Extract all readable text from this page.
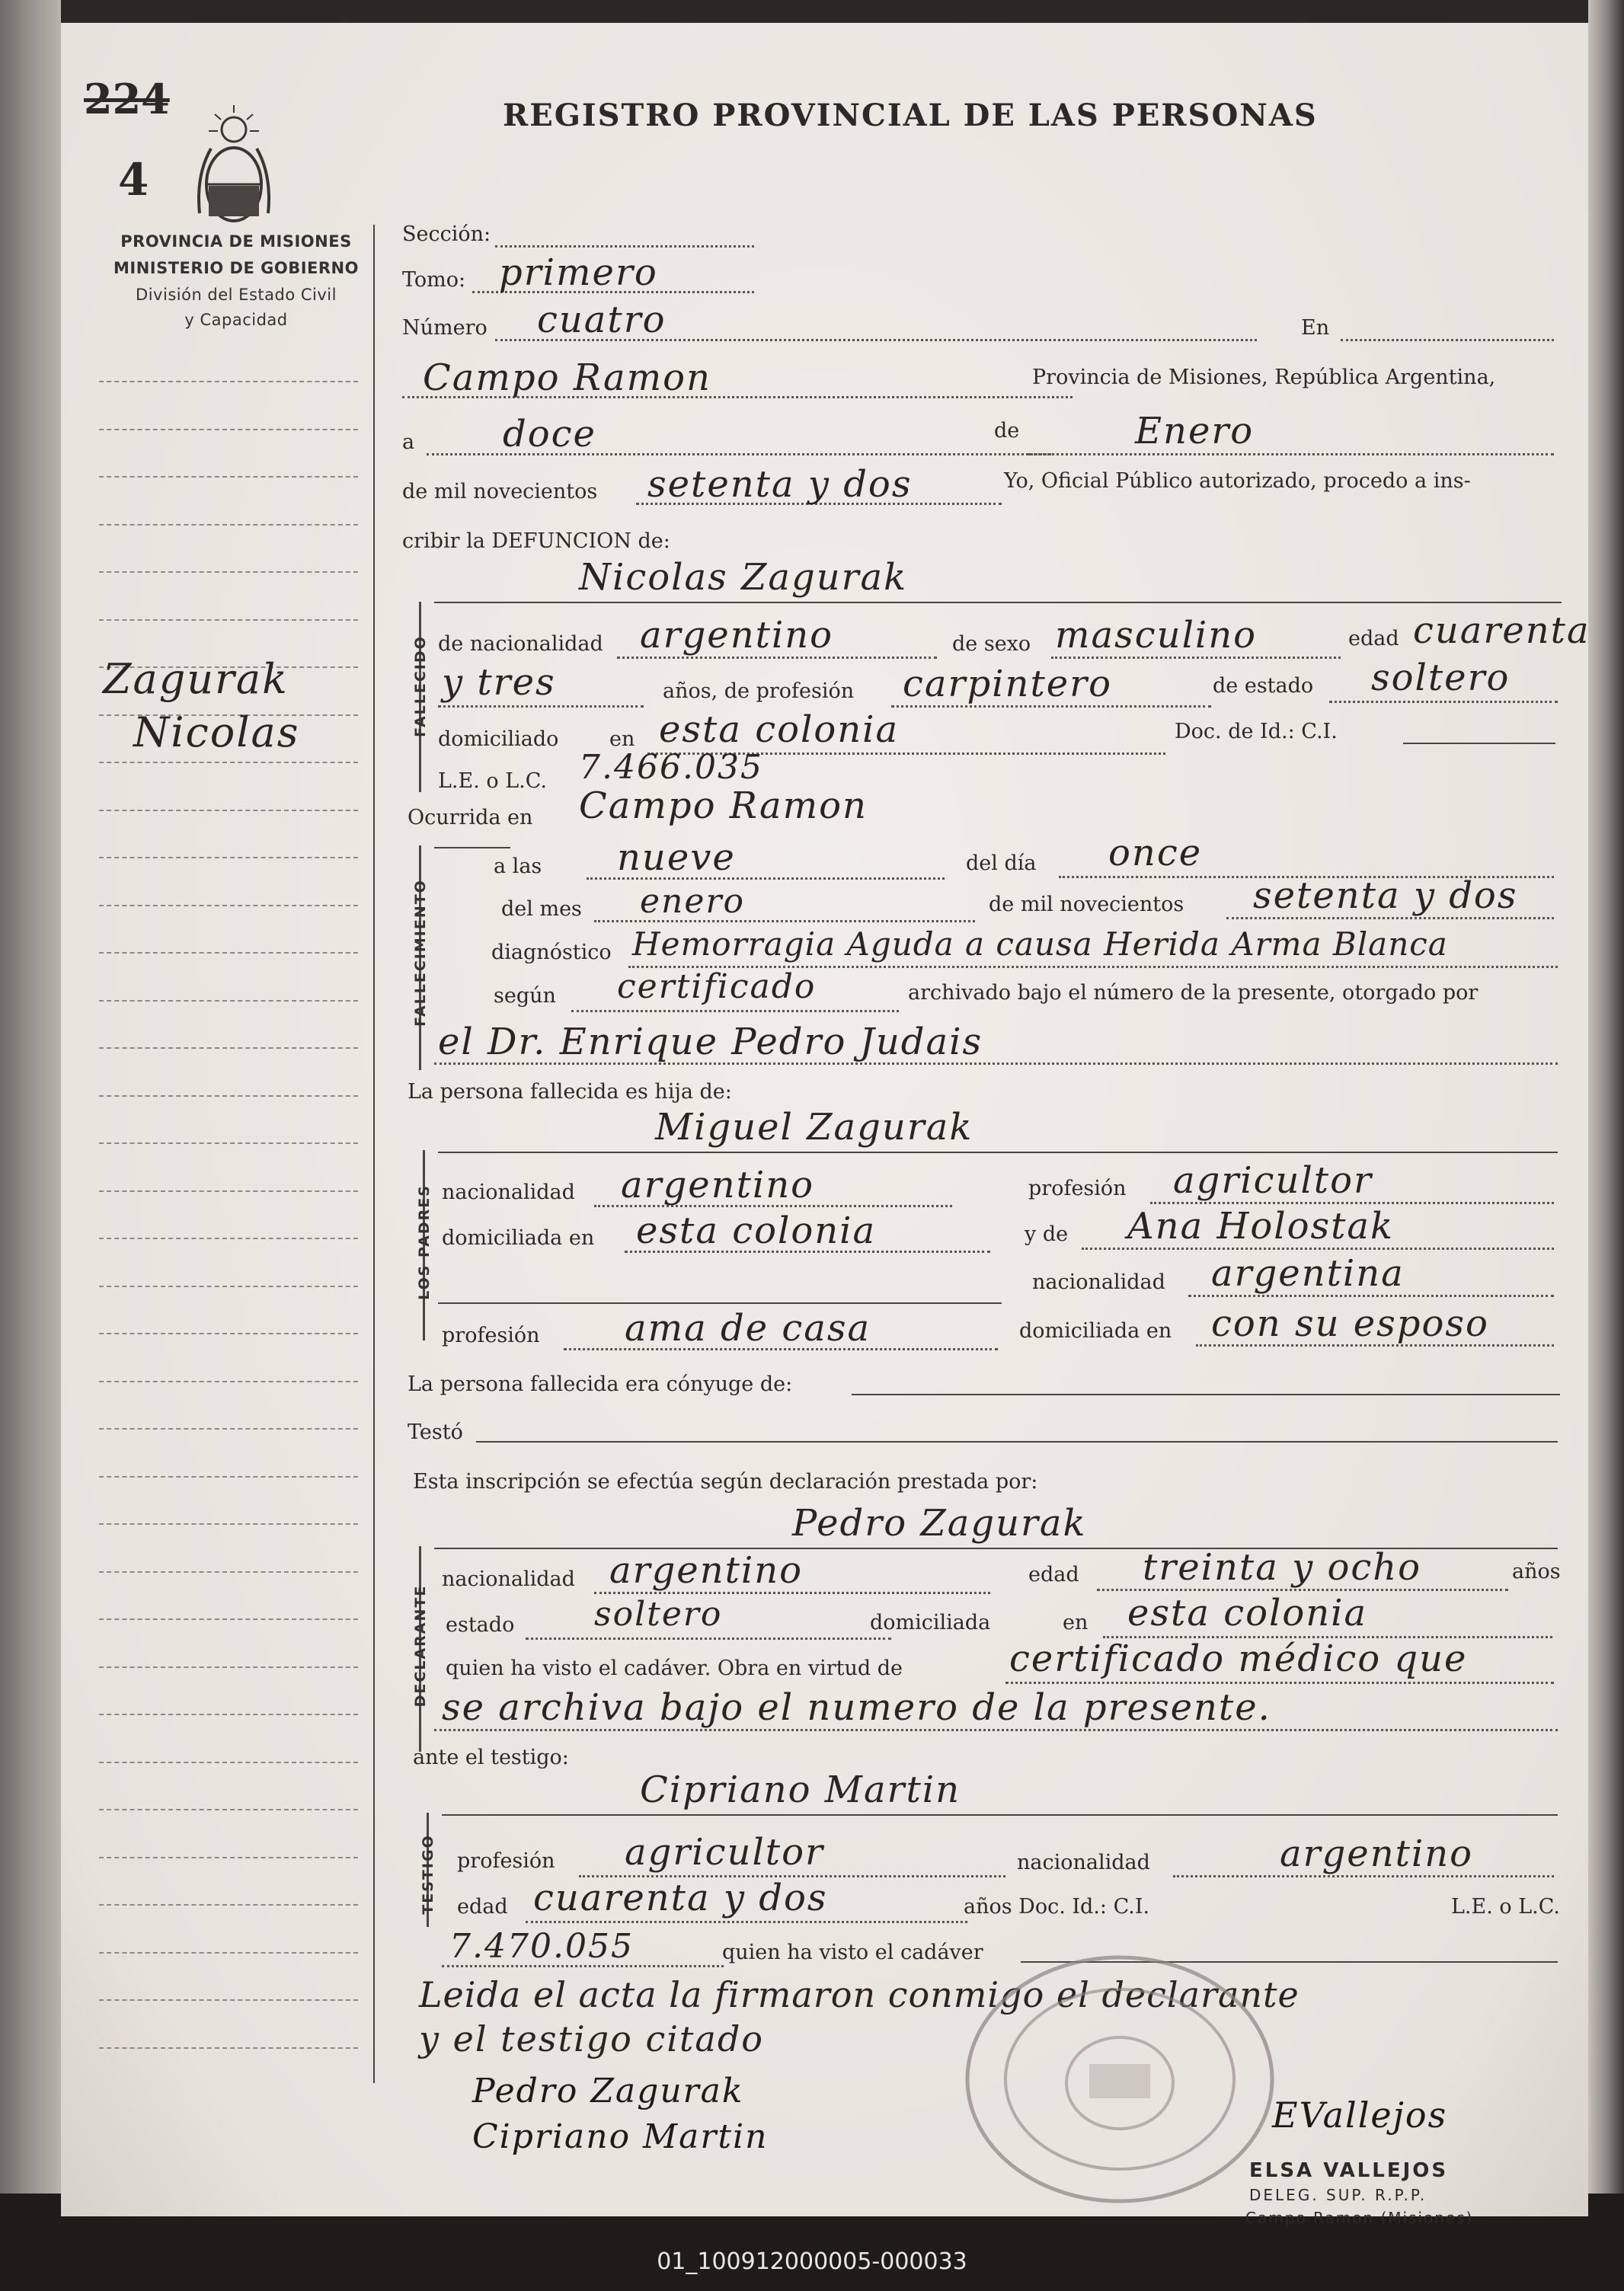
224
4
PROVINCIA DE MISIONES
MINISTERIO DE GOBIERNO
División del Estado Civil
y Capacidad
REGISTRO PROVINCIAL DE LAS PERSONAS
Zagurak
Nicolas
Sección:
Tomo: primero
Número cuatro	En
Campo Ramon	Provincia de Misiones, República Argentina,
a doce	de	Enero
de mil novecientos setenta y dos	Yo, Oficial Público autorizado, procedo a ins-
cribir la DEFUNCION de:
FALLECIDO
Nicolas Zagurak
de nacionalidad argentino	de sexo masculino	edad cuarenta
y tres	años, de profesión carpintero	de estado soltero
domiciliado en esta colonia	Doc. de Id.: C.I.
L.E. o L.C. 7.466.035
Ocurrida en Campo Ramon
FALLECIMIENTO
a las nueve	del día once
del mes enero	de mil novecientos setenta y dos
diagnóstico Hemorragia Aguda a causa Herida Arma Blanca
según certificado	archivado bajo el número de la presente, otorgado por
el Dr. Enrique Pedro Judais
La persona fallecida es hija de:
LOS PADRES
Miguel Zagurak
nacionalidad argentino	profesión agricultor
domiciliada en esta colonia	y de Ana Holostak
nacionalidad argentina
profesión ama de casa	domiciliada en con su esposo
La persona fallecida era cónyuge de:
Testó
Esta inscripción se efectúa según declaración prestada por:
DECLARANTE
Pedro Zagurak
nacionalidad argentino	edad treinta y ocho	años
estado soltero	domiciliada	en esta colonia
quien ha visto el cadáver. Obra en virtud de	certificado médico que
se archiva bajo el numero de la presente.
ante el testigo:
TESTIGO
Cipriano Martin
profesión agricultor	nacionalidad	argentino
edad cuarenta y dos	años Doc. Id.: C.I.	L.E. o L.C.
7.470.055	quien ha visto el cadáver
Leida el acta la firmaron conmigo el declarante
y el testigo citado
Pedro Zagurak
Cipriano Martin
EVallejos
ELSA VALLEJOS
DELEG. SUP. R.P.P.
Campo Ramon (Misiones)
01_100912000005-000033
